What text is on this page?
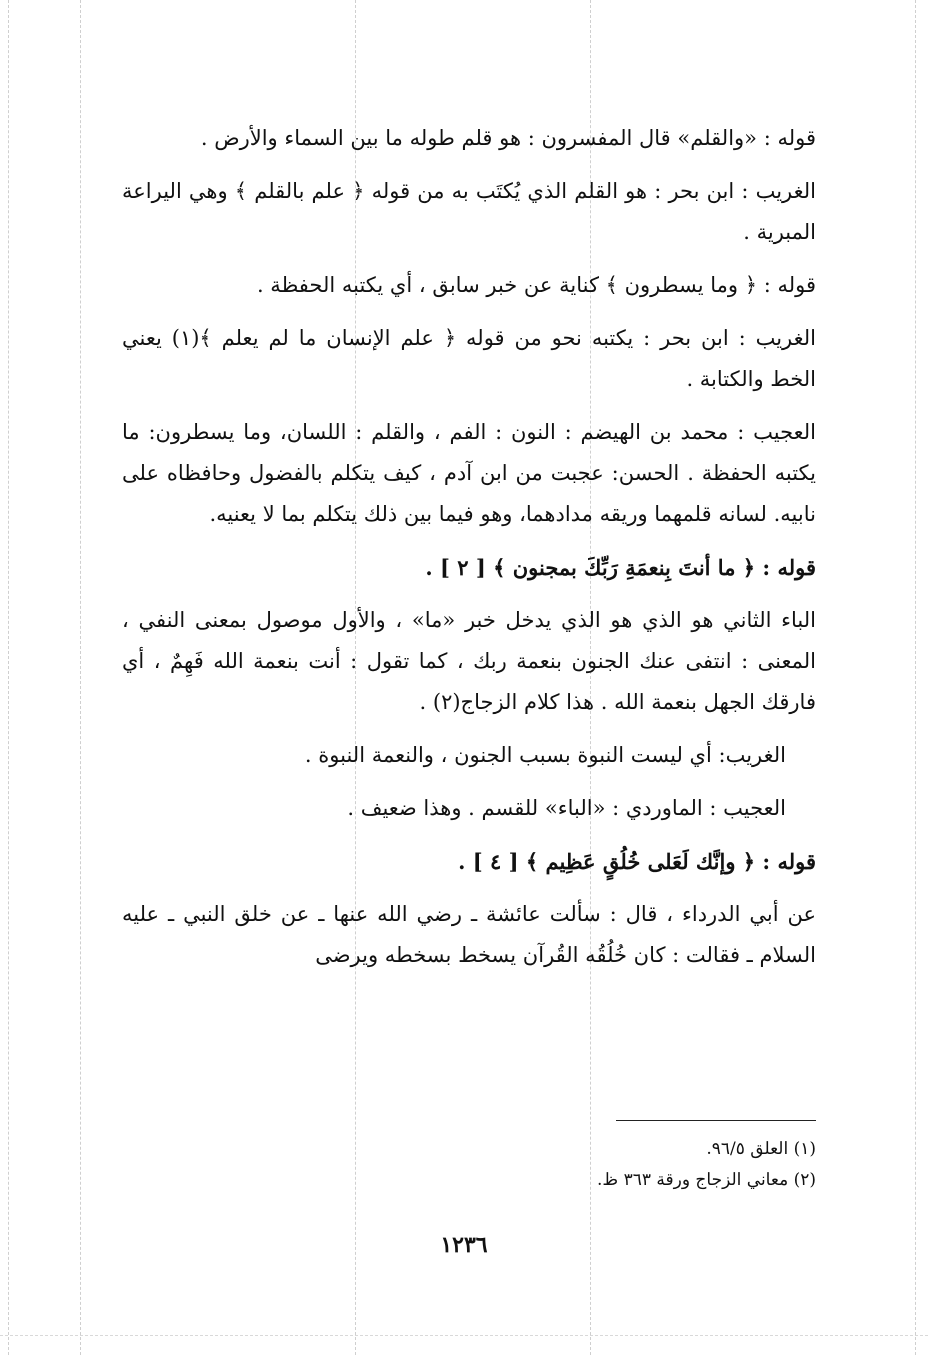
قوله : «والقلم» قال المفسرون : هو قلم طوله ما بين السماء والأرض .

الغريب : ابن بحر : هو القلم الذي يُكتَب به من قوله ﴿ علم بالقلم ﴾ وهي اليراعة المبرية .

قوله : ﴿ وما يسطرون ﴾ كناية عن خبر سابق ، أي يكتبه الحفظة .

الغريب : ابن بحر : يكتبه نحو من قوله ﴿ علم الإنسان ما لم يعلم ﴾(١) يعني الخط والكتابة .

العجيب : محمد بن الهيضم : النون : الفم ، والقلم : اللسان، وما يسطرون: ما يكتبه الحفظة . الحسن: عجبت من ابن آدم ، كيف يتكلم بالفضول وحافظاه على نابيه. لسانه قلمهما وريقه مدادهما، وهو فيما بين ذلك يتكلم بما لا يعنيه.

قوله : ﴿ ما أنتَ بِنعمَةِ رَبِّكَ بمجنون ﴾ [ ٢ ] .

الباء الثاني هو الذي هو الذي يدخل خبر «ما» ، والأول موصول بمعنى النفي ، المعنى : انتفى عنك الجنون بنعمة ربك ، كما تقول : أنت بنعمة الله فَهِمٌ ، أي فارقك الجهل بنعمة الله . هذا كلام الزجاج(٢) .

الغريب: أي ليست النبوة بسبب الجنون ، والنعمة النبوة .

العجيب : الماوردي : «الباء» للقسم . وهذا ضعيف .

قوله : ﴿ وإنَّك لَعَلى خُلُقٍ عَظِيم ﴾ [ ٤ ] .

عن أبي الدرداء ، قال : سألت عائشة ـ رضي الله عنها ـ عن خلق النبي ـ عليه السلام ـ فقالت : كان خُلُقُه القُرآن يسخط بسخطه ويرضى

(١) العلق ٩٦/٥.
(٢) معاني الزجاج ورقة ٣٦٣ ظ.
١٢٣٦
